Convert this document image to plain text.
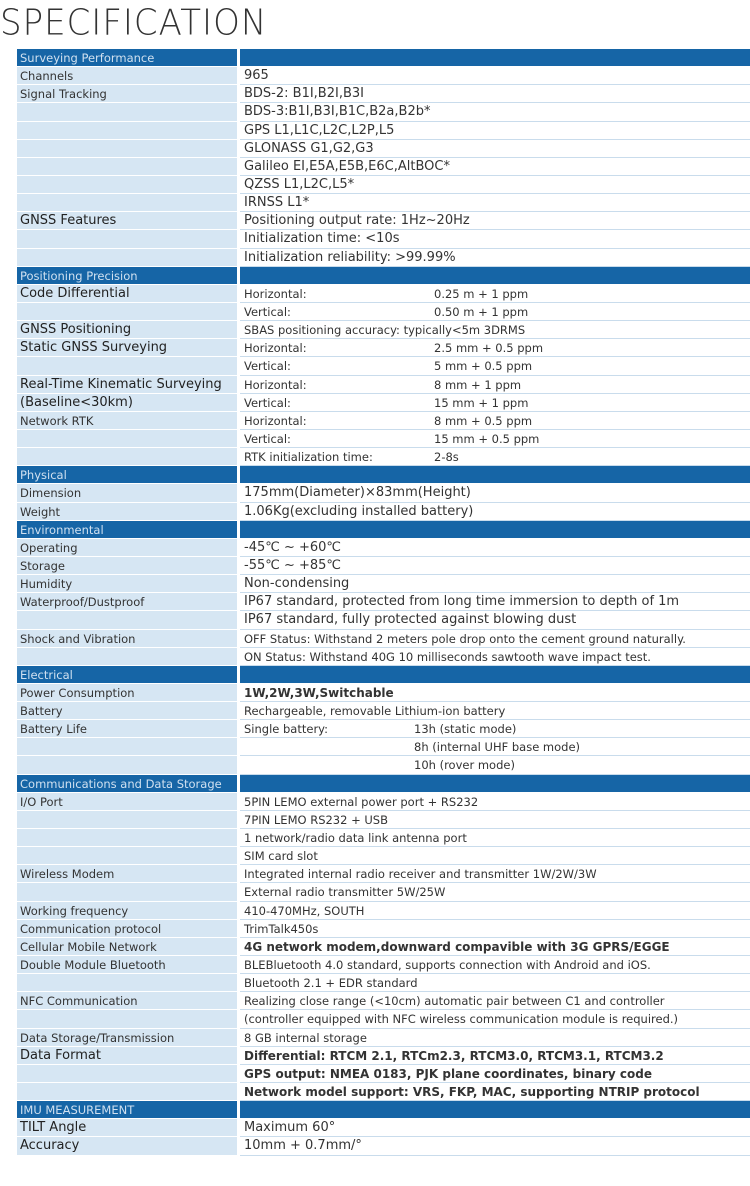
SPECIFICATION
Surveying Performance
Channels	965
Signal Tracking	BDS-2: B1I,B2I,B3I
BDS-3:B1I,B3I,B1C,B2a,B2b*
GPS L1,L1C,L2C,L2P,L5
GLONASS G1,G2,G3
Galileo EI,E5A,E5B,E6C,AltBOC*
QZSS L1,L2C,L5*
IRNSS L1*
GNSS Features	Positioning output rate: 1Hz~20Hz
Initialization time: <10s
Initialization reliability: >99.99%
Positioning Precision
Code Differential	Horizontal:	0.25 m + 1 ppm
Vertical:	0.50 m + 1 ppm
GNSS Positioning	SBAS positioning accuracy: typically<5m 3DRMS
Static GNSS Surveying	Horizontal:	2.5 mm + 0.5 ppm
Vertical:	5 mm + 0.5 ppm
Real-Time Kinematic Surveying	Horizontal:	8 mm + 1 ppm
(Baseline<30km)	Vertical:	15 mm + 1 ppm
Network RTK	Horizontal:	8 mm + 0.5 ppm
Vertical:	15 mm + 0.5 ppm
RTK initialization time:	2-8s
Physical
Dimension	175mm(Diameter)×83mm(Height)
Weight	1.06Kg(excluding installed battery)
Environmental
Operating	-45℃ ~ +60℃
Storage	-55℃ ~ +85℃
Humidity	Non-condensing
Waterproof/Dustproof	IP67 standard, protected from long time immersion to depth of 1m
IP67 standard, fully protected against blowing dust
Shock and Vibration	OFF Status: Withstand 2 meters pole drop onto the cement ground naturally.
ON Status: Withstand 40G 10 milliseconds sawtooth wave impact test.
Electrical
Power Consumption	1W,2W,3W,Switchable
Battery	Rechargeable, removable Lithium-ion battery
Battery Life	Single battery:	13h (static mode)
8h (internal UHF base mode)
10h (rover mode)
Communications and Data Storage
I/O Port	5PIN LEMO external power port + RS232
7PIN LEMO RS232 + USB
1 network/radio data link antenna port
SIM card slot
Wireless Modem	Integrated internal radio receiver and transmitter 1W/2W/3W
External radio transmitter 5W/25W
Working frequency	410-470MHz, SOUTH
Communication protocol	TrimTalk450s
Cellular Mobile Network	4G network modem,downward compavible with 3G GPRS/EGGE
Double Module Bluetooth	BLEBluetooth 4.0 standard, supports connection with Android and iOS.
Bluetooth 2.1 + EDR standard
NFC Communication	Realizing close range (<10cm) automatic pair between C1 and controller
(controller equipped with NFC wireless communication module is required.)
Data Storage/Transmission	8 GB internal storage
Data Format	Differential: RTCM 2.1, RTCm2.3, RTCM3.0, RTCM3.1, RTCM3.2
GPS output: NMEA 0183, PJK plane coordinates, binary code
Network model support: VRS, FKP, MAC, supporting NTRIP protocol
IMU MEASUREMENT
TILT Angle	Maximum 60°
Accuracy	10mm + 0.7mm/°
